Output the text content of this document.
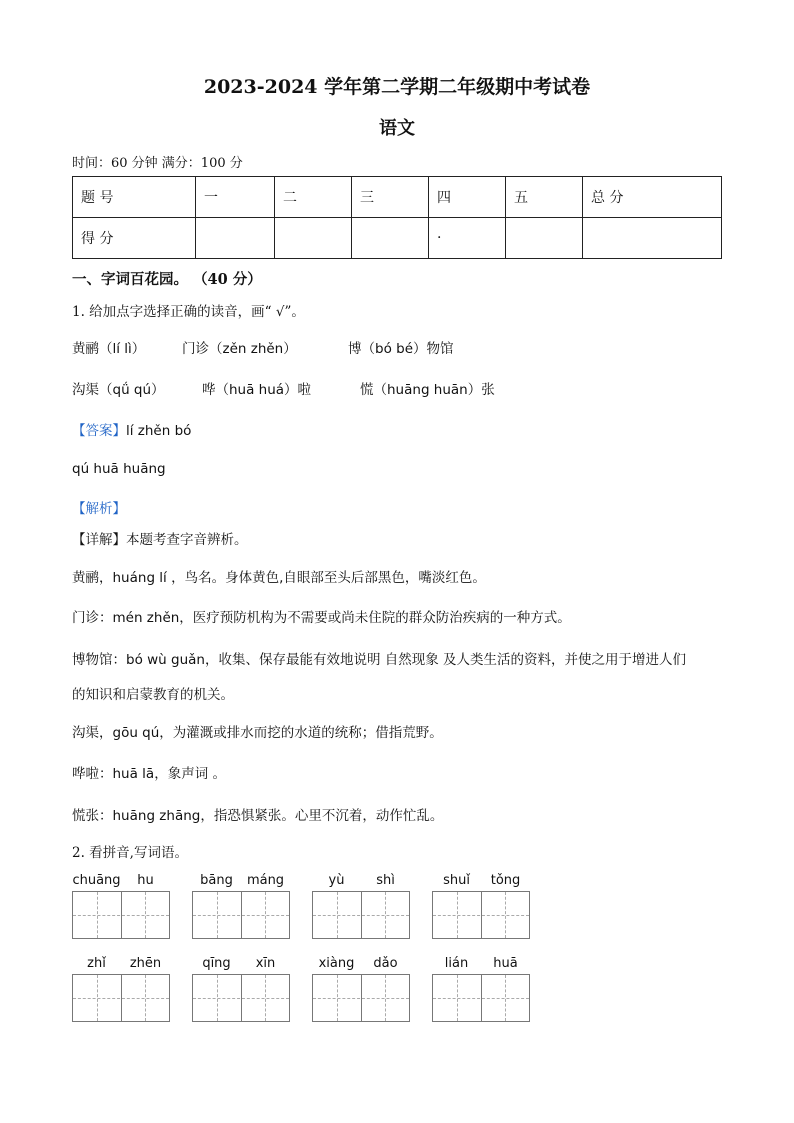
2023-2024 学年第二学期二年级期中考试卷
语文
时间：60 分钟 满分：100 分
题 号	一	二	三	四	五	总 分
得 分				·		
一、字词百花园。 （40 分）
1. 给加点字选择正确的读音，画“ √”。
黄鹂（lí lì）	门诊（zěn zhěn）	博（bó bé）物馆
沟渠（qǘ qú）	哗（huā huá）啦	慌（huāng huān）张
【答案】lí zhěn bó
qú huā huāng
【解析】
【详解】本题考查字音辨析。
黄鹂，huáng lí ，鸟名。身体黄色,自眼部至头后部黑色，嘴淡红色。
门诊：mén zhěn，医疗预防机构为不需要或尚未住院的群众防治疾病的一种方式。
博物馆：bó wù guǎn，收集、保存最能有效地说明 自然现象 及人类生活的资料，并使之用于增进人们
的知识和启蒙教育的机关。
沟渠，gōu qú，为灌溉或排水而挖的水道的统称；借指荒野。
哗啦：huā lā，象声词 。
慌张：huāng zhāng，指恐惧紧张。心里不沉着，动作忙乱。
2. 看拼音,写词语。
chuāng	hu	bāng	máng	yù	shì	shuǐ	tǒng
zhǐ	zhēn	qīng	xīn	xiàng	dǎo	lián	huā
